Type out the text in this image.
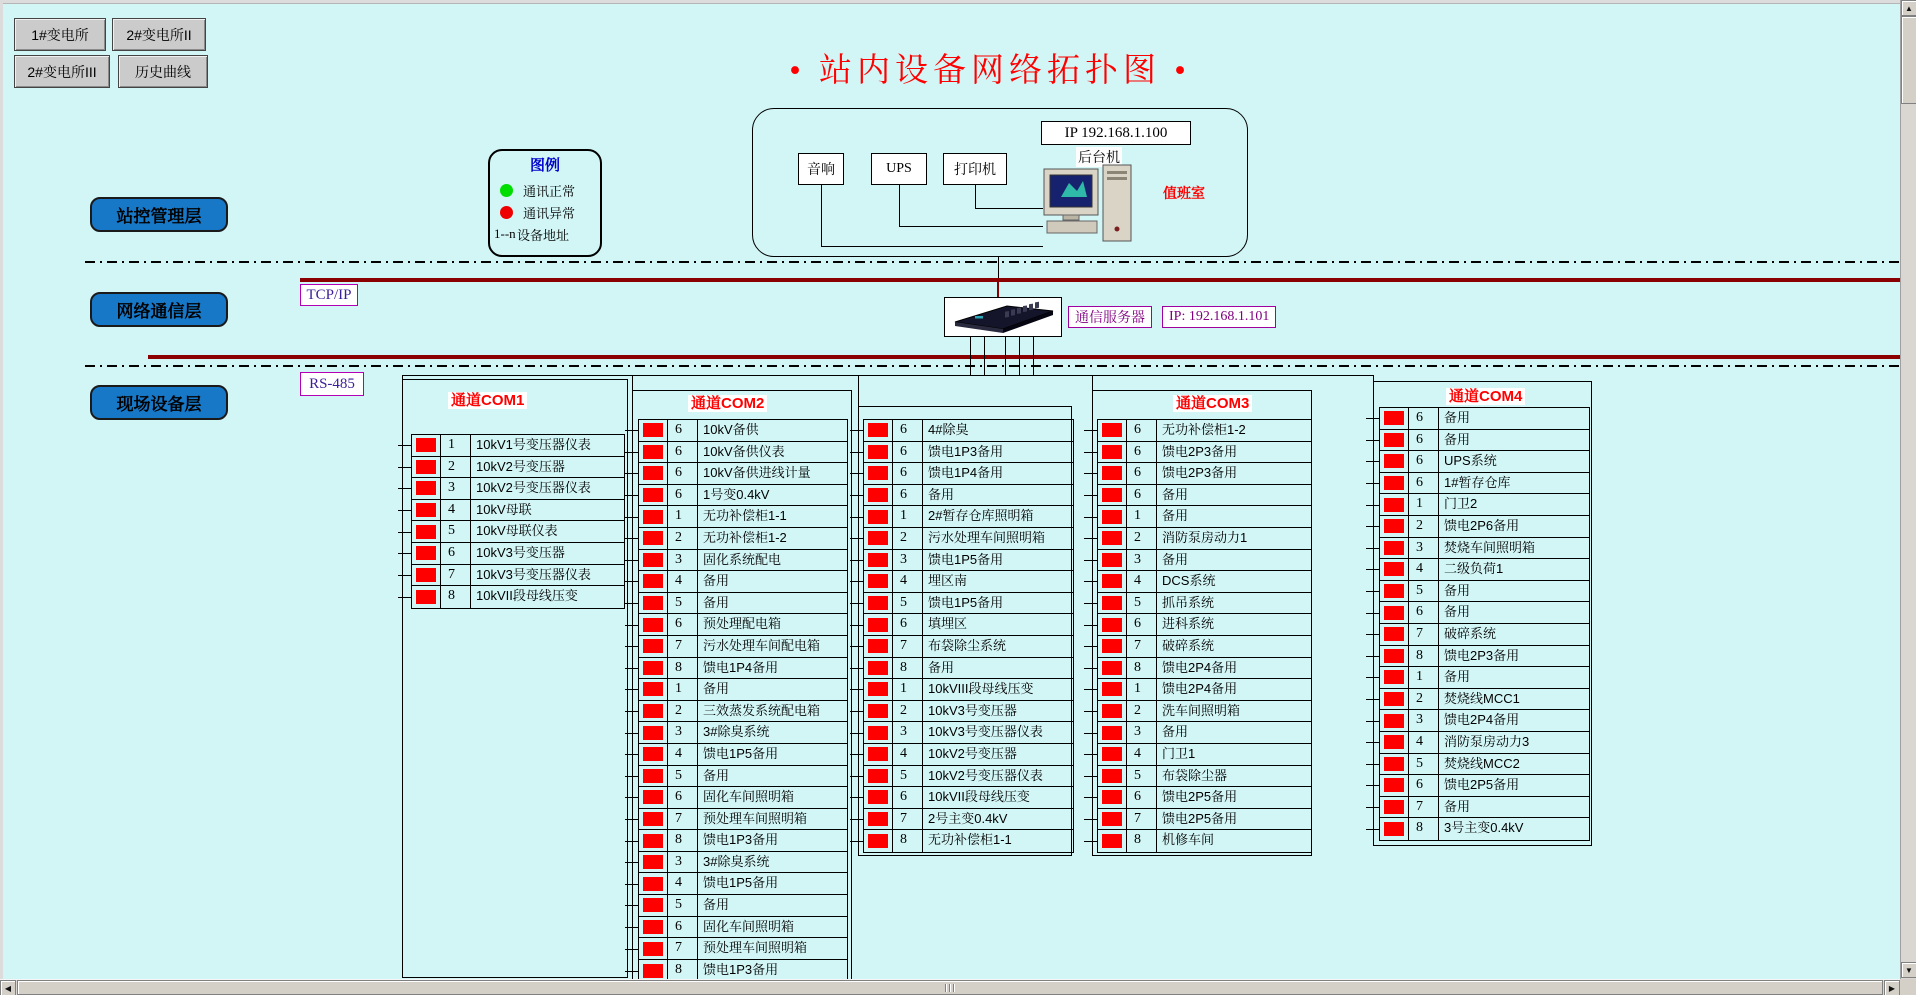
1#变电所	2#变电所II
2#变电所III	历史曲线	• 站内设备网络拓扑图 •
站控管理层
网络通信层
现场设备层
图例
通讯正常
通讯异常
1--n 设备地址
IP 192.168.1.100
后台机
音响	UPS	打印机
值班室
TCP/IP
通信服务器	IP: 192.168.1.101
RS-485
通道COM1
1	10kV1号变压器仪表
2	10kV2号变压器
3	10kV2号变压器仪表
4	10kV母联
5	10kV母联仪表
6	10kV3号变压器
7	10kV3号变压器仪表
8	10kVII段母线压变
通道COM2
6	10kV备供
6	10kV备供仪表
6	10kV备供进线计量
6	1号变0.4kV
1	无功补偿柜1-1
2	无功补偿柜1-2
3	固化系统配电
4	备用
5	备用
6	预处理配电箱
7	污水处理车间配电箱
8	馈电1P4备用
1	备用
2	三效蒸发系统配电箱
3	3#除臭系统
4	馈电1P5备用
5	备用
6	固化车间照明箱
7	预处理车间照明箱
8	馈电1P3备用
3	3#除臭系统
4	馈电1P5备用
5	备用
6	固化车间照明箱
7	预处理车间照明箱
8	馈电1P3备用
6	4#除臭
6	馈电1P3备用
6	馈电1P4备用
6	备用
1	2#暂存仓库照明箱
2	污水处理车间照明箱
3	馈电1P5备用
4	埋区南
5	馈电1P5备用
6	填埋区
7	布袋除尘系统
8	备用
1	10kVIII段母线压变
2	10kV3号变压器
3	10kV3号变压器仪表
4	10kV2号变压器
5	10kV2号变压器仪表
6	10kVII段母线压变
7	2号主变0.4kV
8	无功补偿柜1-1
通道COM3
6	无功补偿柜1-2
6	馈电2P3备用
6	馈电2P3备用
6	备用
1	备用
2	消防泵房动力1
3	备用
4	DCS系统
5	抓吊系统
6	进科系统
7	破碎系统
8	馈电2P4备用
1	馈电2P4备用
2	洗车间照明箱
3	备用
4	门卫1
5	布袋除尘器
6	馈电2P5备用
7	馈电2P5备用
8	机修车间
通道COM4
6	备用
6	备用
6	UPS系统
6	1#暂存仓库
1	门卫2
2	馈电2P6备用
3	焚烧车间照明箱
4	二级负荷1
5	备用
6	备用
7	破碎系统
8	馈电2P3备用
1	备用
2	焚烧线MCC1
3	馈电2P4备用
4	消防泵房动力3
5	焚烧线MCC2
6	馈电2P5备用
7	备用
8	3号主变0.4kV
▲
▼
◀	▶
